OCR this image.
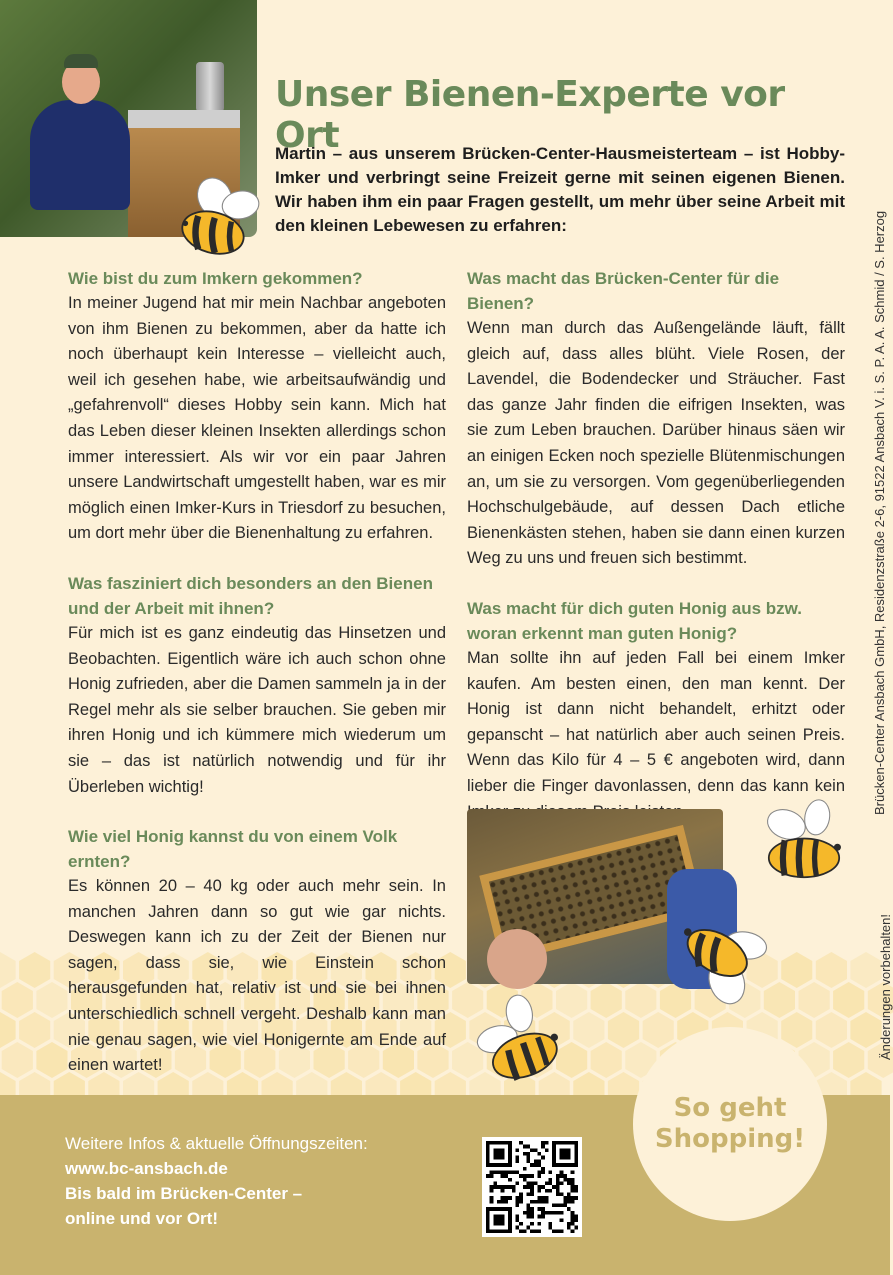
Unser Bienen-Experte vor Ort

Martin – aus unserem Brücken-Center-Hausmeisterteam – ist Hobby-Imker und verbringt seine Freizeit gerne mit seinen eigenen Bienen. Wir haben ihm ein paar Fragen gestellt, um mehr über seine Arbeit mit den kleinen Lebewesen zu erfahren:

Wie bist du zum Imkern gekommen?

In meiner Jugend hat mir mein Nachbar angeboten von ihm Bienen zu bekommen, aber da hatte ich noch überhaupt kein Interesse – vielleicht auch, weil ich gesehen habe, wie arbeitsaufwändig und „gefahrenvoll“ dieses Hobby sein kann. Mich hat das Leben dieser kleinen Insekten allerdings schon immer interessiert. Als wir vor ein paar Jahren unsere Landwirtschaft umgestellt haben, war es mir möglich einen Imker-Kurs in Triesdorf zu besuchen, um dort mehr über die Bienenhaltung zu erfahren.

Was fasziniert dich besonders an den Bienen und der Arbeit mit ihnen?

Für mich ist es ganz eindeutig das Hinsetzen und Beobachten. Eigentlich wäre ich auch schon ohne Honig zufrieden, aber die Damen sammeln ja in der Regel mehr als sie selber brauchen. Sie geben mir ihren Honig und ich kümmere mich wiederum um sie – das ist natürlich notwendig und für ihr Überleben wichtig!

Wie viel Honig kannst du von einem Volk ernten?

Es können 20 – 40 kg oder auch mehr sein. In manchen Jahren dann so gut wie gar nichts. Deswegen kann ich zu der Zeit der Bienen nur sagen, dass sie, wie Einstein schon herausgefunden hat, relativ ist und sie bei ihnen unterschiedlich schnell vergeht. Deshalb kann man nie genau sagen, wie viel Honigernte am Ende auf einen wartet!

Was macht das Brücken-Center für die Bienen?

Wenn man durch das Außengelände läuft, fällt gleich auf, dass alles blüht. Viele Rosen, der Lavendel, die Bodendecker und Sträucher. Fast das ganze Jahr finden die eifrigen Insekten, was sie zum Leben brauchen. Darüber hinaus säen wir an einigen Ecken noch spezielle Blütenmischungen an, um sie zu versorgen. Vom gegenüberliegenden Hochschulgebäude, auf dessen Dach etliche Bienenkästen stehen, haben sie dann einen kurzen Weg zu uns und freuen sich bestimmt.

Was macht für dich guten Honig aus bzw. woran erkennt man guten Honig?

Man sollte ihn auf jeden Fall bei einem Imker kaufen. Am besten einen, den man kennt. Der Honig ist dann nicht behandelt, erhitzt oder gepanscht – hat natürlich aber auch seinen Preis. Wenn das Kilo für 4 – 5 € angeboten wird, dann lieber die Finger davonlassen, denn das kann kein Brücken-Center Ansbach GmbH, Residenzstraße 2-6, 91522 Ansbach V. i. S. P. A. A. Schmid / S. Herzog
Änderungen vorbehalten!
Weitere Infos & aktuelle Öffnungszeiten:
www.bc-ansbach.de
Bis bald im Brücken-Center –
online und vor Ort!
So geht
Shopping!
